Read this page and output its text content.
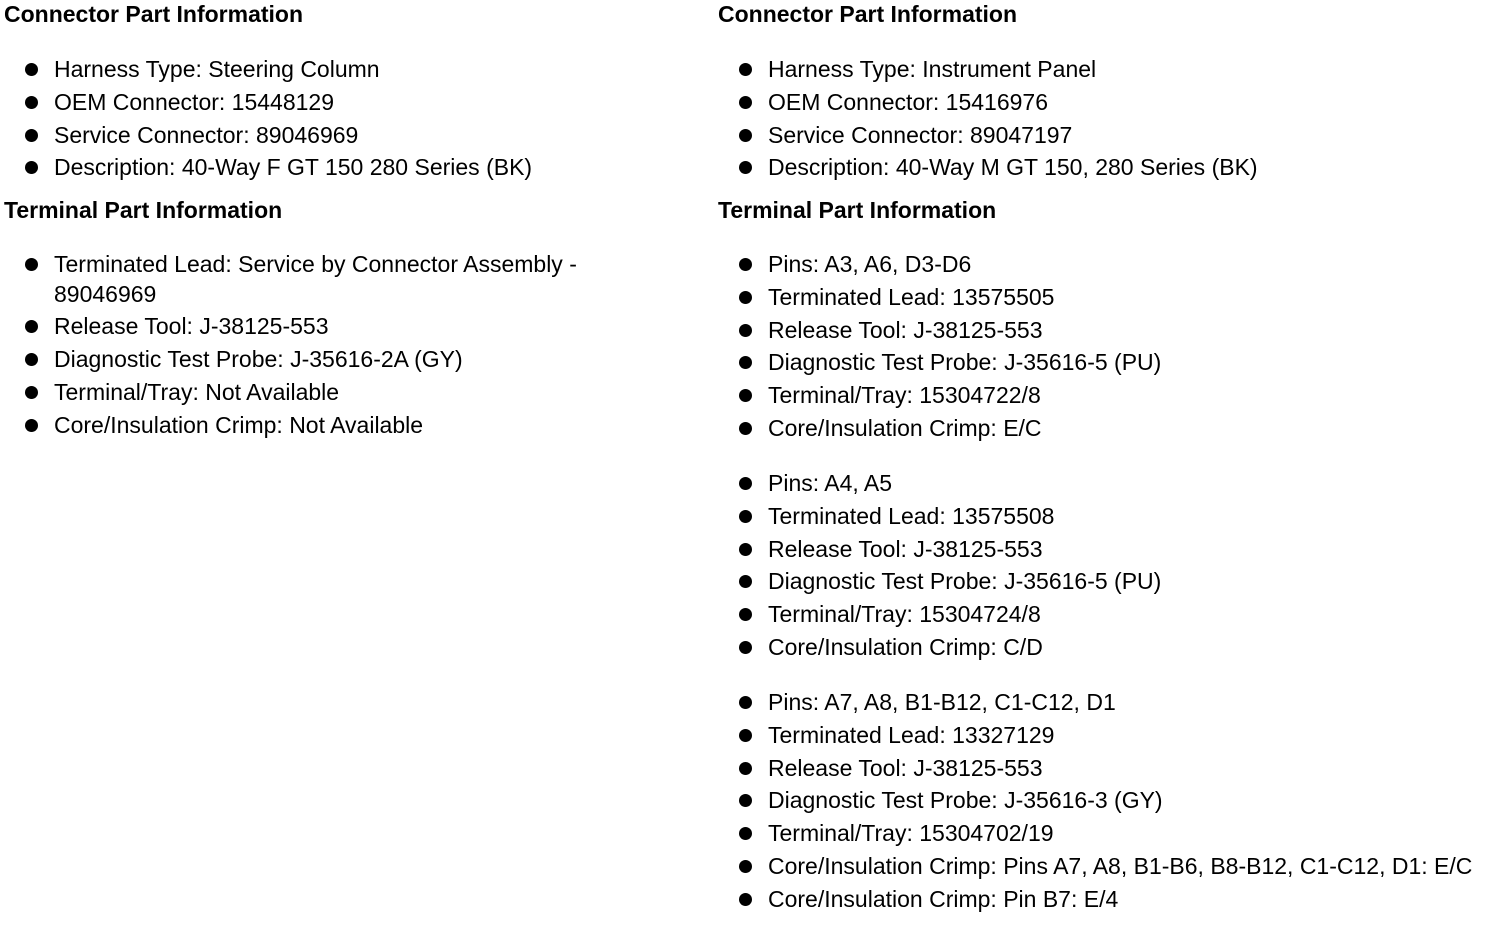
Connector Part Information
Harness Type: Steering Column
OEM Connector: 15448129
Service Connector: 89046969
Description: 40-Way F GT 150 280 Series (BK)
Terminal Part Information
Terminated Lead: Service by Connector Assembly - 89046969
Release Tool: J-38125-553
Diagnostic Test Probe: J-35616-2A (GY)
Terminal/Tray: Not Available
Core/Insulation Crimp: Not Available
Connector Part Information
Harness Type: Instrument Panel
OEM Connector: 15416976
Service Connector: 89047197
Description: 40-Way M GT 150, 280 Series (BK)
Terminal Part Information
Pins: A3, A6, D3-D6
Terminated Lead: 13575505
Release Tool: J-38125-553
Diagnostic Test Probe: J-35616-5 (PU)
Terminal/Tray: 15304722/8
Core/Insulation Crimp: E/C
Pins: A4, A5
Terminated Lead: 13575508
Release Tool: J-38125-553
Diagnostic Test Probe: J-35616-5 (PU)
Terminal/Tray: 15304724/8
Core/Insulation Crimp: C/D
Pins: A7, A8, B1-B12, C1-C12, D1
Terminated Lead: 13327129
Release Tool: J-38125-553
Diagnostic Test Probe: J-35616-3 (GY)
Terminal/Tray: 15304702/19
Core/Insulation Crimp: Pins A7, A8, B1-B6, B8-B12, C1-C12, D1: E/C
Core/Insulation Crimp: Pin B7: E/4
